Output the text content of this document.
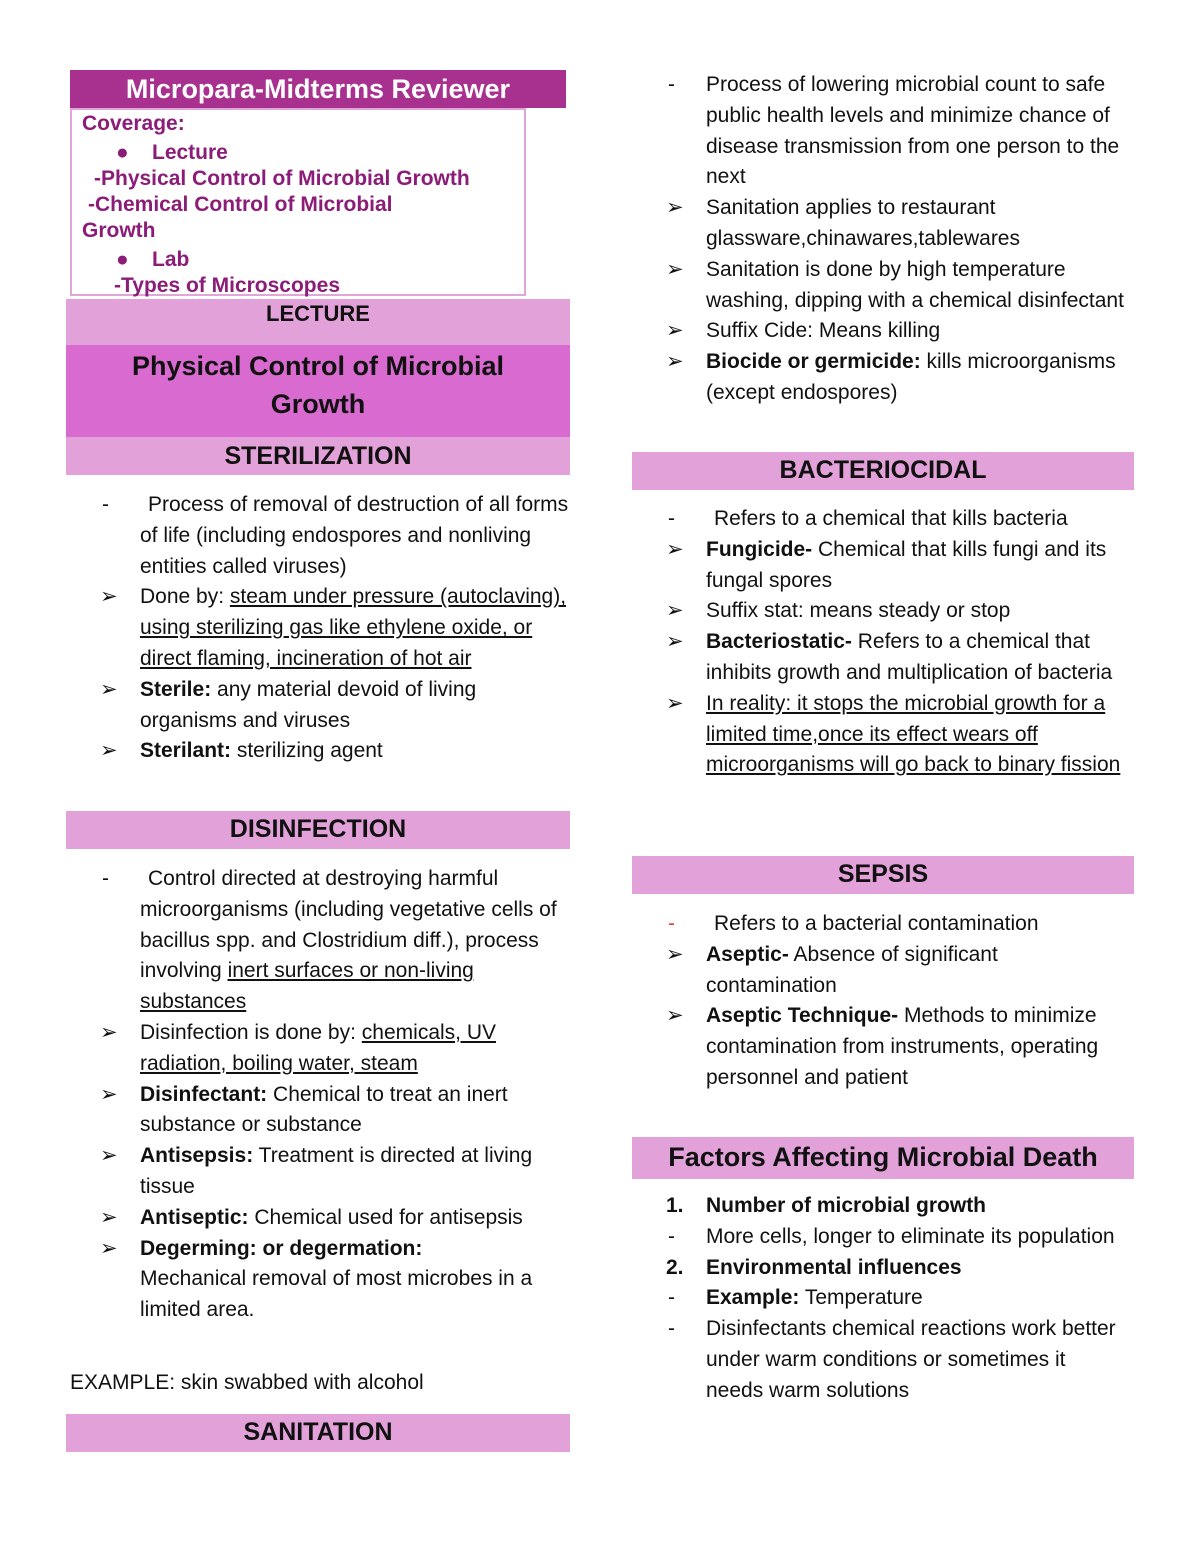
Micropara-Midterms Reviewer
Coverage:
● Lecture
-Physical Control of Microbial Growth
-Chemical Control of Microbial
Growth
● Lab
-Types of Microscopes
LECTURE
Physical Control of Microbial
Growth
STERILIZATION
-	Process of removal of destruction of all forms of life (including endospores and nonliving entities called viruses)
➢	Done by: steam under pressure (autoclaving), using sterilizing gas like ethylene oxide, or direct flaming, incineration of hot air
➢	Sterile: any material devoid of living organisms and viruses
➢	Sterilant: sterilizing agent
DISINFECTION
-	Control directed at destroying harmful microorganisms (including vegetative cells of bacillus spp. and Clostridium diff.), process involving inert surfaces or non-living substances
➢	Disinfection is done by: chemicals, UV radiation, boiling water, steam
➢	Disinfectant: Chemical to treat an inert substance or substance
➢	Antisepsis: Treatment is directed at living tissue
➢	Antiseptic: Chemical used for antisepsis
➢	Degerming: or degermation:
Mechanical removal of most microbes in a limited area.
EXAMPLE: skin swabbed with alcohol
SANITATION
-	Process of lowering microbial count to safe public health levels and minimize chance of disease transmission from one person to the next
➢	Sanitation applies to restaurant glassware,chinawares,tablewares
➢	Sanitation is done by high temperature washing, dipping with a chemical disinfectant
➢	Suffix Cide: Means killing
➢	Biocide or germicide: kills microorganisms (except endospores)
BACTERIOCIDAL
-	Refers to a chemical that kills bacteria
➢	Fungicide- Chemical that kills fungi and its fungal spores
➢	Suffix stat: means steady or stop
➢	Bacteriostatic- Refers to a chemical that inhibits growth and multiplication of bacteria
➢	In reality: it stops the microbial growth for a limited time,once its effect wears off microorganisms will go back to binary fission
SEPSIS
-	Refers to a bacterial contamination
➢	Aseptic- Absence of significant contamination
➢	Aseptic Technique- Methods to minimize contamination from instruments, operating personnel and patient
Factors Affecting Microbial Death
1.	Number of microbial growth
-	More cells, longer to eliminate its population
2.	Environmental influences
-	Example: Temperature
-	Disinfectants chemical reactions work better under warm conditions or sometimes it needs warm solutions
